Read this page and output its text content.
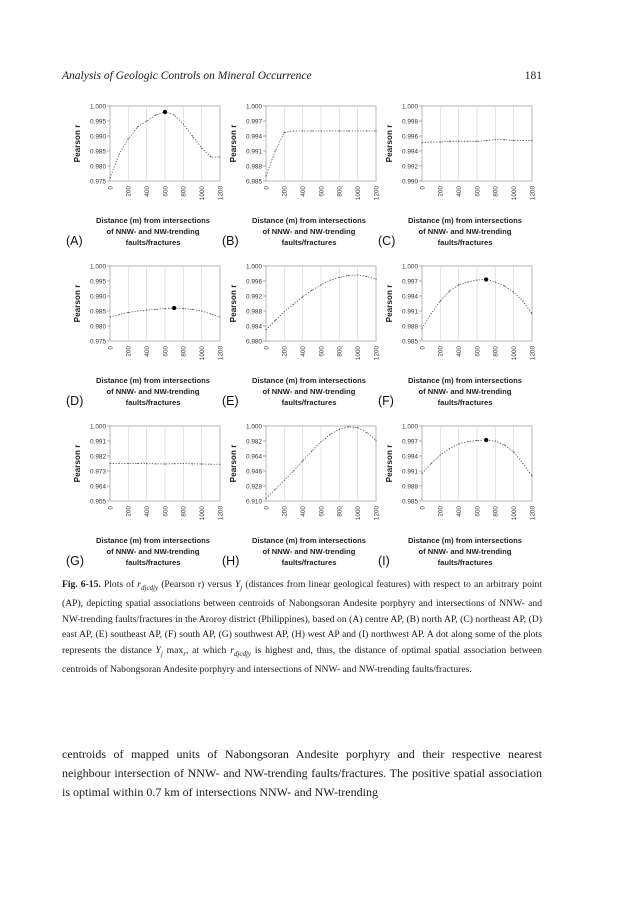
Analysis of Geologic Controls on Mineral Occurrence	181
1.000
0.995
0.990
0.985
0.980
0.975
0 200 400 600 800 1000 1200
Pearson r
Distance (m) from intersections
of NNW- and NW-trending
faults/fractures
(A)
1.000
0.997
0.994
0.991
0.988
0.985
0 200 400 600 800 1000 1200
Pearson r
Distance (m) from intersections
of NNW- and NW-trending
faults/fractures
(B)
1.000
0.998
0.996
0.994
0.992
0.990
0 200 400 600 800 1000 1200
Pearson r
Distance (m) from intersections
of NNW- and NW-trending
faults/fractures
(C)
1.000
0.995
0.990
0.985
0.980
0.975
0 200 400 600 800 1000 1200
Pearson r
Distance (m) from intersections
of NNW- and NW-trending
faults/fractures
(D)
1.000
0.996
0.992
0.988
0.984
0.980
0 200 400 600 800 1000 1200
Pearson r
Distance (m) from intersections
of NNW- and NW-trending
faults/fractures
(E)
1.000
0.997
0.994
0.991
0.988
0.985
0 200 400 600 800 1000 1200
Pearson r
Distance (m) from intersections
of NNW- and NW-trending
faults/fractures
(F)
1.000
0.991
0.982
0.973
0.964
0.955
0 200 400 600 800 1000 1200
Pearson r
Distance (m) from intersections
of NNW- and NW-trending
faults/fractures
(G)
1.000
0.982
0.964
0.946
0.928
0.910
0 200 400 600 800 1000 1200
Pearson r
Distance (m) from intersections
of NNW- and NW-trending
faults/fractures
(H)
1.000
0.997
0.994
0.991
0.988
0.985
0 200 400 600 800 1000 1200
Pearson r
Distance (m) from intersections
of NNW- and NW-trending
faults/fractures
(I)
Fig. 6-15. Plots of $r_{djcdjy}$ (Pearson r) versus $Y_j$ (distances from linear geological features) with respect to an arbitrary point (AP), depicting spatial associations between centroids of Nabongsoran Andesite porphyry and intersections of NNW- and NW-trending faults/fractures in the Aroroy district (Philippines), based on (A) centre AP, (B) north AP, (C) northeast AP, (D) east AP, (E) southeast AP, (F) south AP, (G) southwest AP, (H) west AP and (I) northwest AP. A dot along some of the plots represents the distance $Y_j$ $\max_r$, at which $r_{djcdjy}$ is highest and, thus, the distance of optimal spatial association between centroids of Nabongsoran Andesite porphyry and intersections of NNW- and NW-trending faults/fractures.
centroids of mapped units of Nabongsoran Andesite porphyry and their respective nearest neighbour intersection of NNW- and NW-trending faults/fractures. The positive spatial association is optimal within 0.7 km of intersections NNW- and NW-trending
